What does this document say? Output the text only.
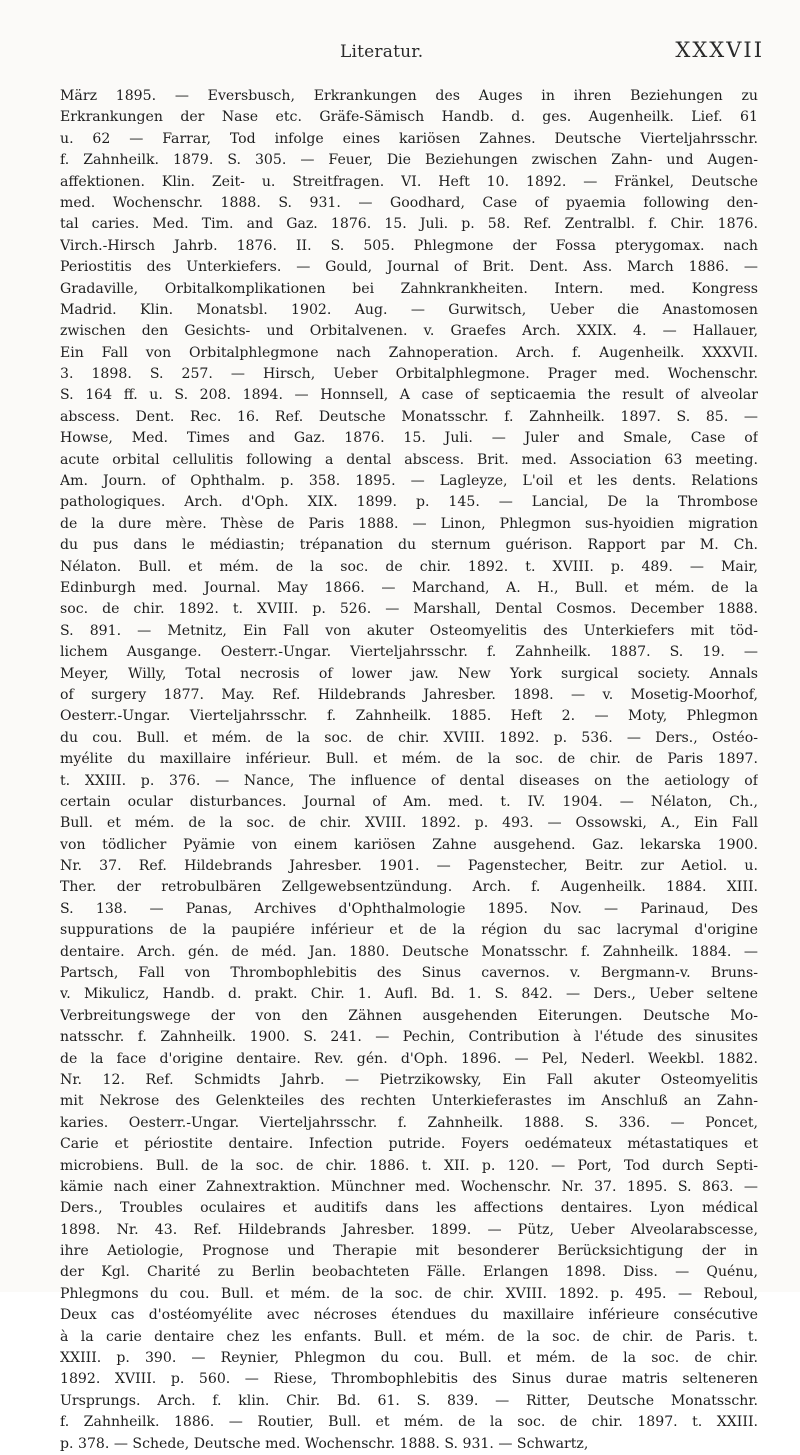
Literatur.	XXXVII
März 1895. — Eversbusch, Erkrankungen des Auges in ihren Beziehungen zu
Erkrankungen der Nase etc. Gräfe-Sämisch Handb. d. ges. Augenheilk. Lief. 61
u. 62 — Farrar, Tod infolge eines kariösen Zahnes. Deutsche Vierteljahrsschr.
f. Zahnheilk. 1879. S. 305. — Feuer, Die Beziehungen zwischen Zahn- und Augen-
affektionen. Klin. Zeit- u. Streitfragen. VI. Heft 10. 1892. — Fränkel, Deutsche
med. Wochenschr. 1888. S. 931. — Goodhard, Case of pyaemia following den-
tal caries. Med. Tim. and Gaz. 1876. 15. Juli. p. 58. Ref. Zentralbl. f. Chir. 1876.
Virch.-Hirsch Jahrb. 1876. II. S. 505. Phlegmone der Fossa pterygomax. nach
Periostitis des Unterkiefers. — Gould, Journal of Brit. Dent. Ass. March 1886. —
Gradaville, Orbitalkomplikationen bei Zahnkrankheiten. Intern. med. Kongress
Madrid. Klin. Monatsbl. 1902. Aug. — Gurwitsch, Ueber die Anastomosen
zwischen den Gesichts- und Orbitalvenen. v. Graefes Arch. XXIX. 4. — Hallauer,
Ein Fall von Orbitalphlegmone nach Zahnoperation. Arch. f. Augenheilk. XXXVII.
3. 1898. S. 257. — Hirsch, Ueber Orbitalphlegmone. Prager med. Wochenschr.
S. 164 ff. u. S. 208. 1894. — Honnsell, A case of septicaemia the result of alveolar
abscess. Dent. Rec. 16. Ref. Deutsche Monatsschr. f. Zahnheilk. 1897. S. 85. —
Howse, Med. Times and Gaz. 1876. 15. Juli. — Juler and Smale, Case of
acute orbital cellulitis following a dental abscess. Brit. med. Association 63 meeting.
Am. Journ. of Ophthalm. p. 358. 1895. — Lagleyze, L'oil et les dents. Relations
pathologiques. Arch. d'Oph. XIX. 1899. p. 145. — Lancial, De la Thrombose
de la dure mère. Thèse de Paris 1888. — Linon, Phlegmon sus-hyoidien migration
du pus dans le médiastin; trépanation du sternum guérison. Rapport par M. Ch.
Nélaton. Bull. et mém. de la soc. de chir. 1892. t. XVIII. p. 489. — Mair,
Edinburgh med. Journal. May 1866. — Marchand, A. H., Bull. et mém. de la
soc. de chir. 1892. t. XVIII. p. 526. — Marshall, Dental Cosmos. December 1888.
S. 891. — Metnitz, Ein Fall von akuter Osteomyelitis des Unterkiefers mit töd-
lichem Ausgange. Oesterr.-Ungar. Vierteljahrsschr. f. Zahnheilk. 1887. S. 19. —
Meyer, Willy, Total necrosis of lower jaw. New York surgical society. Annals
of surgery 1877. May. Ref. Hildebrands Jahresber. 1898. — v. Mosetig-Moorhof,
Oesterr.-Ungar. Vierteljahrsschr. f. Zahnheilk. 1885. Heft 2. — Moty, Phlegmon
du cou. Bull. et mém. de la soc. de chir. XVIII. 1892. p. 536. — Ders., Ostéo-
myélite du maxillaire inférieur. Bull. et mém. de la soc. de chir. de Paris 1897.
t. XXIII. p. 376. — Nance, The influence of dental diseases on the aetiology of
certain ocular disturbances. Journal of Am. med. t. IV. 1904. — Nélaton, Ch.,
Bull. et mém. de la soc. de chir. XVIII. 1892. p. 493. — Ossowski, A., Ein Fall
von tödlicher Pyämie von einem kariösen Zahne ausgehend. Gaz. lekarska 1900.
Nr. 37. Ref. Hildebrands Jahresber. 1901. — Pagenstecher, Beitr. zur Aetiol. u.
Ther. der retrobulbären Zellgewebsentzündung. Arch. f. Augenheilk. 1884. XIII.
S. 138. — Panas, Archives d'Ophthalmologie 1895. Nov. — Parinaud, Des
suppurations de la paupiére inférieur et de la région du sac lacrymal d'origine
dentaire. Arch. gén. de méd. Jan. 1880. Deutsche Monatsschr. f. Zahnheilk. 1884. —
Partsch, Fall von Thrombophlebitis des Sinus cavernos. v. Bergmann-v. Bruns-
v. Mikulicz, Handb. d. prakt. Chir. 1. Aufl. Bd. 1. S. 842. — Ders., Ueber seltene
Verbreitungswege der von den Zähnen ausgehenden Eiterungen. Deutsche Mo-
natsschr. f. Zahnheilk. 1900. S. 241. — Pechin, Contribution à l'étude des sinusites
de la face d'origine dentaire. Rev. gén. d'Oph. 1896. — Pel, Nederl. Weekbl. 1882.
Nr. 12. Ref. Schmidts Jahrb. — Pietrzikowsky, Ein Fall akuter Osteomyelitis
mit Nekrose des Gelenkteiles des rechten Unterkieferastes im Anschluß an Zahn-
karies. Oesterr.-Ungar. Vierteljahrsschr. f. Zahnheilk. 1888. S. 336. — Poncet,
Carie et périostite dentaire. Infection putride. Foyers oedémateux métastatiques et
microbiens. Bull. de la soc. de chir. 1886. t. XII. p. 120. — Port, Tod durch Septi-
kämie nach einer Zahnextraktion. Münchner med. Wochenschr. Nr. 37. 1895. S. 863. —
Ders., Troubles oculaires et auditifs dans les affections dentaires. Lyon médical
1898. Nr. 43. Ref. Hildebrands Jahresber. 1899. — Pütz, Ueber Alveolarabscesse,
ihre Aetiologie, Prognose und Therapie mit besonderer Berücksichtigung der in
der Kgl. Charité zu Berlin beobachteten Fälle. Erlangen 1898. Diss. — Quénu,
Phlegmons du cou. Bull. et mém. de la soc. de chir. XVIII. 1892. p. 495. — Reboul,
Deux cas d'ostéomyélite avec nécroses étendues du maxillaire inférieure consécutive
à la carie dentaire chez les enfants. Bull. et mém. de la soc. de chir. de Paris. t.
XXIII. p. 390. — Reynier, Phlegmon du cou. Bull. et mém. de la soc. de chir.
1892. XVIII. p. 560. — Riese, Thrombophlebitis des Sinus durae matris selteneren
Ursprungs. Arch. f. klin. Chir. Bd. 61. S. 839. — Ritter, Deutsche Monatsschr.
f. Zahnheilk. 1886. — Routier, Bull. et mém. de la soc. de chir. 1897. t. XXIII.
p. 378. — Schede, Deutsche med. Wochenschr. 1888. S. 931. — Schwartz,
